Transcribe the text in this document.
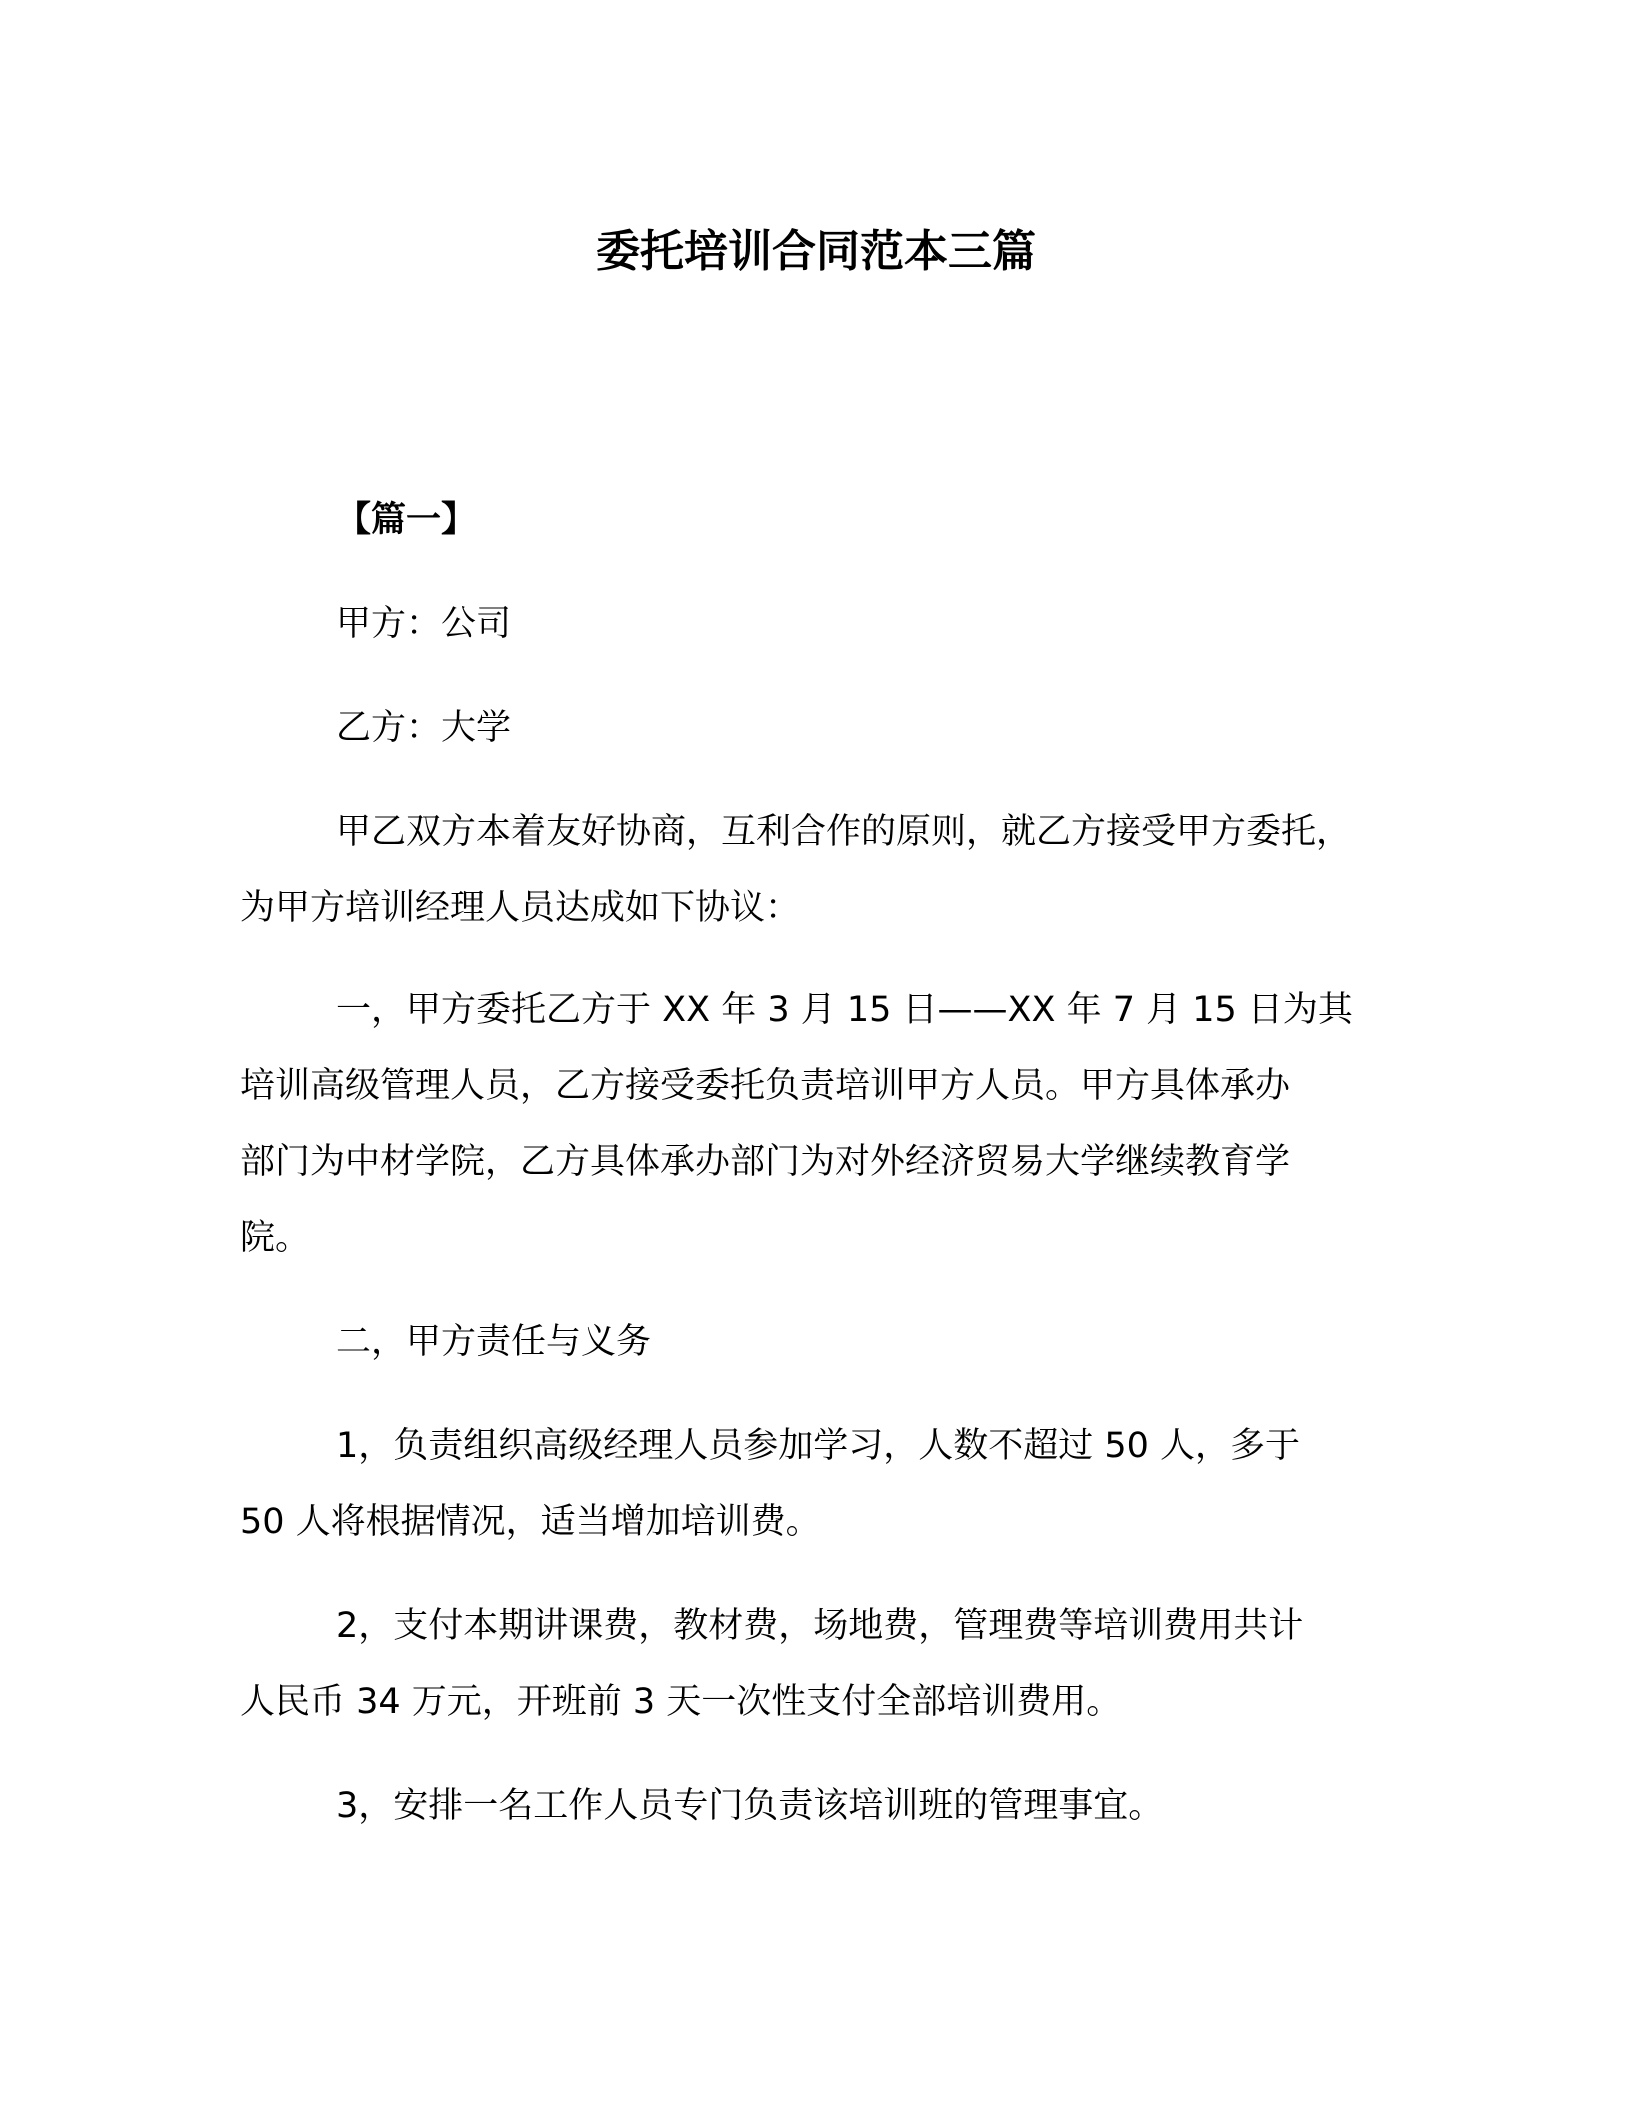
委托培训合同范本三篇
【篇一】
甲方：公司
乙方：大学
甲乙双方本着友好协商，互利合作的原则，就乙方接受甲方委托，
为甲方培训经理人员达成如下协议：
一，甲方委托乙方于 XX 年 3 月 15 日——XX 年 7 月 15 日为其
培训高级管理人员，乙方接受委托负责培训甲方人员。甲方具体承办
部门为中材学院，乙方具体承办部门为对外经济贸易大学继续教育学
院。
二，甲方责任与义务
1，负责组织高级经理人员参加学习，人数不超过 50 人，多于
50 人将根据情况，适当增加培训费。
2，支付本期讲课费，教材费，场地费，管理费等培训费用共计
人民币 34 万元，开班前 3 天一次性支付全部培训费用。
3，安排一名工作人员专门负责该培训班的管理事宜。
